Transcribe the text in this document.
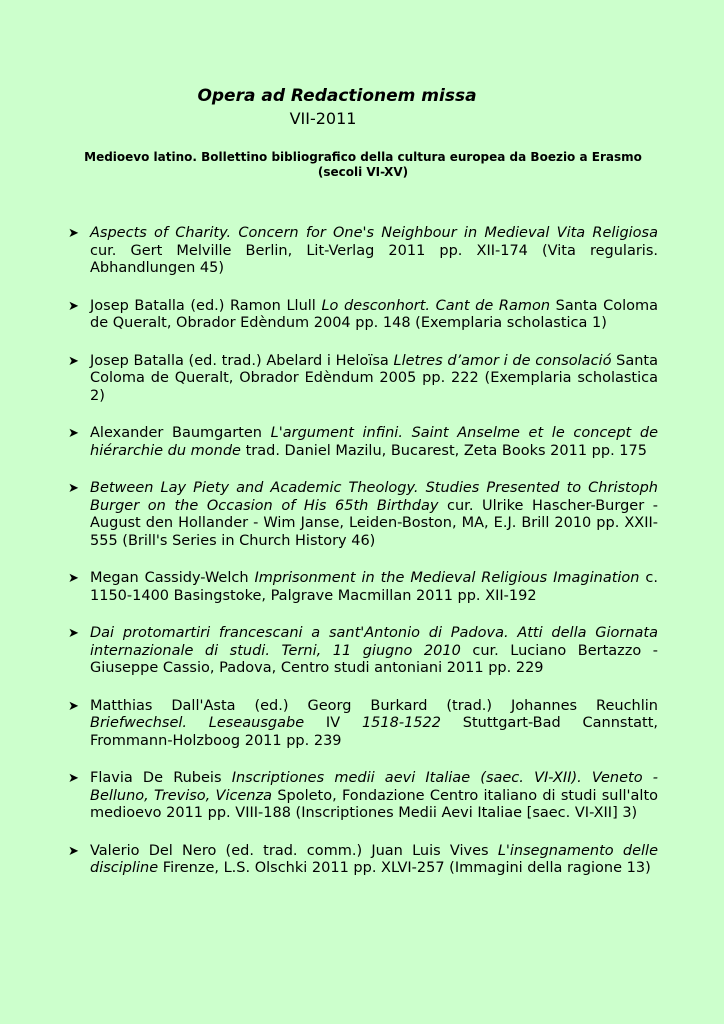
Opera ad Redactionem missa

VII-2011

Medioevo latino. Bollettino bibliografico della cultura europea da Boezio a Erasmo
(secoli VI-XV)

➤ Aspects of Charity. Concern for One's Neighbour in Medieval Vita Religiosa cur. Gert Melville Berlin, Lit-Verlag 2011 pp. XII-174 (Vita regularis. Abhandlungen 45)
➤ Josep Batalla (ed.) Ramon Llull Lo desconhort. Cant de Ramon Santa Coloma de Queralt, Obrador Edèndum 2004 pp. 148 (Exemplaria scholastica 1)
➤ Josep Batalla (ed. trad.) Abelard i Heloïsa Lletres d’amor i de consolació Santa Coloma de Queralt, Obrador Edèndum 2005 pp. 222 (Exemplaria scholastica 2)
➤ Alexander Baumgarten L'argument infini. Saint Anselme et le concept de hiérarchie du monde trad. Daniel Mazilu, Bucarest, Zeta Books 2011 pp. 175
➤ Between Lay Piety and Academic Theology. Studies Presented to Christoph Burger on the Occasion of His 65th Birthday cur. Ulrike Hascher-Burger - August den Hollander - Wim Janse, Leiden-Boston, MA, E.J. Brill 2010 pp. XXII-555 (Brill's Series in Church History 46)
➤ Megan Cassidy-Welch Imprisonment in the Medieval Religious Imagination c. 1150-1400 Basingstoke, Palgrave Macmillan 2011 pp. XII-192
➤ Dai protomartiri francescani a sant'Antonio di Padova. Atti della Giornata internazionale di studi. Terni, 11 giugno 2010 cur. Luciano Bertazzo - Giuseppe Cassio, Padova, Centro studi antoniani 2011 pp. 229
➤ Matthias Dall'Asta (ed.) Georg Burkard (trad.) Johannes Reuchlin Briefwechsel. Leseausgabe IV 1518-1522 Stuttgart-Bad Cannstatt, Frommann-Holzboog 2011 pp. 239
➤ Flavia De Rubeis Inscriptiones medii aevi Italiae (saec. VI-XII). Veneto - Belluno, Treviso, Vicenza Spoleto, Fondazione Centro italiano di studi sull'alto medioevo 2011 pp. VIII-188 (Inscriptiones Medii Aevi Italiae [saec. VI-XII] 3)
➤ Valerio Del Nero (ed. trad. comm.) Juan Luis Vives L'insegnamento delle discipline Firenze, L.S. Olschki 2011 pp. XLVI-257 (Immagini della ragione 13)
